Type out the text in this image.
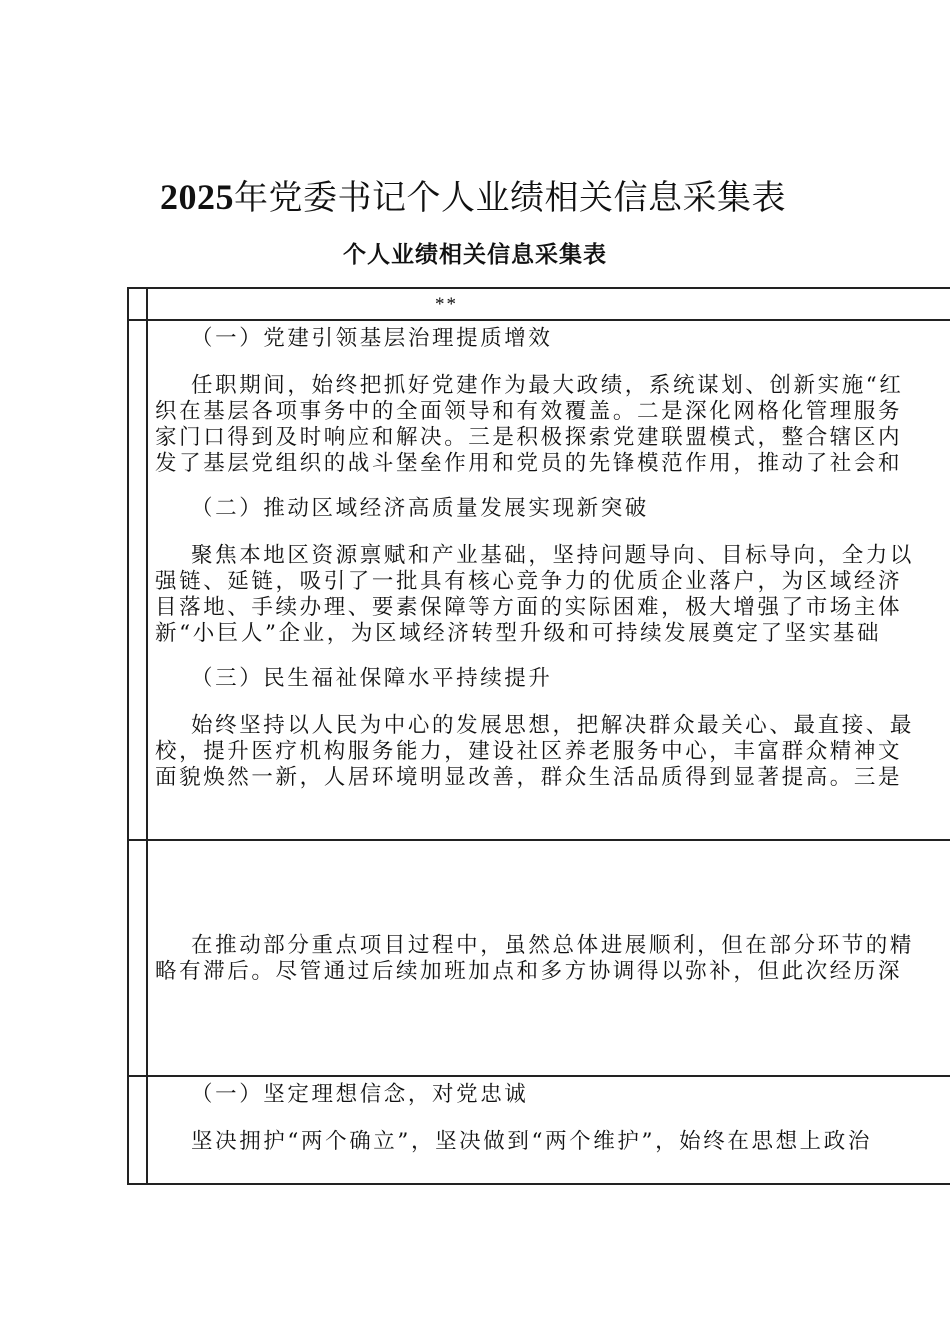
2025年党委书记个人业绩相关信息采集表
个人业绩相关信息采集表
**

（一）党建引领基层治理提质增效

任职期间，始终把抓好党建作为最大政绩，系统谋划、创新实施“红

织在基层各项事务中的全面领导和有效覆盖。二是深化网格化管理服务

家门口得到及时响应和解决。三是积极探索党建联盟模式，整合辖区内

发了基层党组织的战斗堡垒作用和党员的先锋模范作用，推动了社会和

（二）推动区域经济高质量发展实现新突破

聚焦本地区资源禀赋和产业基础，坚持问题导向、目标导向，全力以

强链、延链，吸引了一批具有核心竞争力的优质企业落户，为区域经济

目落地、手续办理、要素保障等方面的实际困难，极大增强了市场主体

新“小巨人”企业，为区域经济转型升级和可持续发展奠定了坚实基础

（三）民生福祉保障水平持续提升

始终坚持以人民为中心的发展思想，把解决群众最关心、最直接、最

校，提升医疗机构服务能力，建设社区养老服务中心，丰富群众精神文

面貌焕然一新，人居环境明显改善，群众生活品质得到显著提高。三是

在推动部分重点项目过程中，虽然总体进展顺利，但在部分环节的精

略有滞后。尽管通过后续加班加点和多方协调得以弥补，但此次经历深

（一）坚定理想信念，对党忠诚

坚决拥护“两个确立”，坚决做到“两个维护”，始终在思想上政治
